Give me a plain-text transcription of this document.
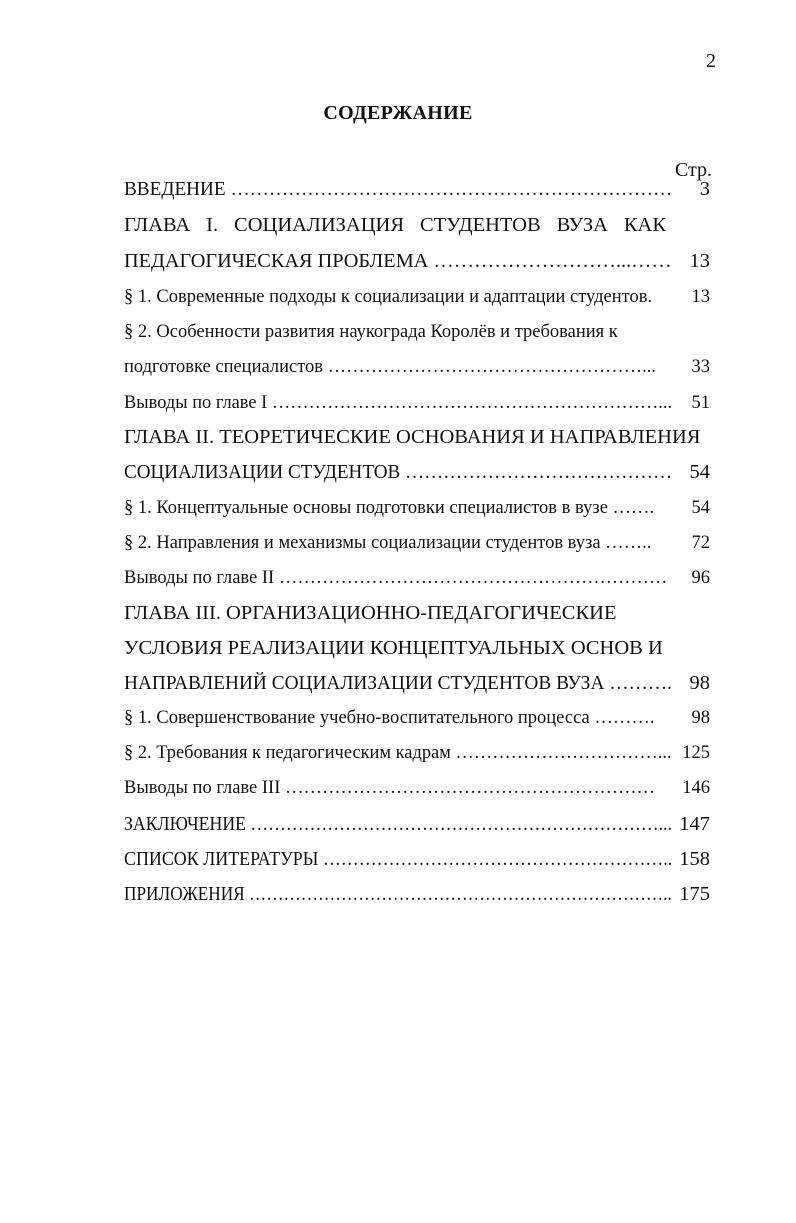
2
СОДЕРЖАНИЕ
Стр.
ВВЕДЕНИЕ …………………………………………………………… 3
ГЛАВА I. СОЦИАЛИЗАЦИЯ СТУДЕНТОВ ВУЗА КАК
ПЕДАГОГИЧЕСКАЯ ПРОБЛЕМА ………………………...…… 13
§ 1. Современные подходы к социализации и адаптации студентов. 13
§ 2. Особенности развития наукограда Королёв и требования к
подготовке специалистов ……………………………………………... 33
Выводы по главе I ………………………………………………………... 51
ГЛАВА II. ТЕОРЕТИЧЕСКИЕ ОСНОВАНИЯ И НАПРАВЛЕНИЯ
СОЦИАЛИЗАЦИИ СТУДЕНТОВ …………………………………… 54
§ 1. Концептуальные основы подготовки специалистов в вузе ……. 54
§ 2. Направления и механизмы социализации студентов вуза …….. 72
Выводы по главе II ……………………………………………………… 96
ГЛАВА III. ОРГАНИЗАЦИОННО-ПЕДАГОГИЧЕСКИЕ
УСЛОВИЯ РЕАЛИЗАЦИИ КОНЦЕПТУАЛЬНЫХ ОСНОВ И
НАПРАВЛЕНИЙ СОЦИАЛИЗАЦИИ СТУДЕНТОВ ВУЗА ………. 98
§ 1. Совершенствование учебно-воспитательного процесса ………. 98
§ 2. Требования к педагогическим кадрам ……………………………... 125
Выводы по главе III …………………………………………………… 146
ЗАКЛЮЧЕНИЕ ……………………………………………………………... 147
СПИСОК ЛИТЕРАТУРЫ ………………………………………………….. 158
ПРИЛОЖЕНИЯ ……………………………………………………………….. 175
